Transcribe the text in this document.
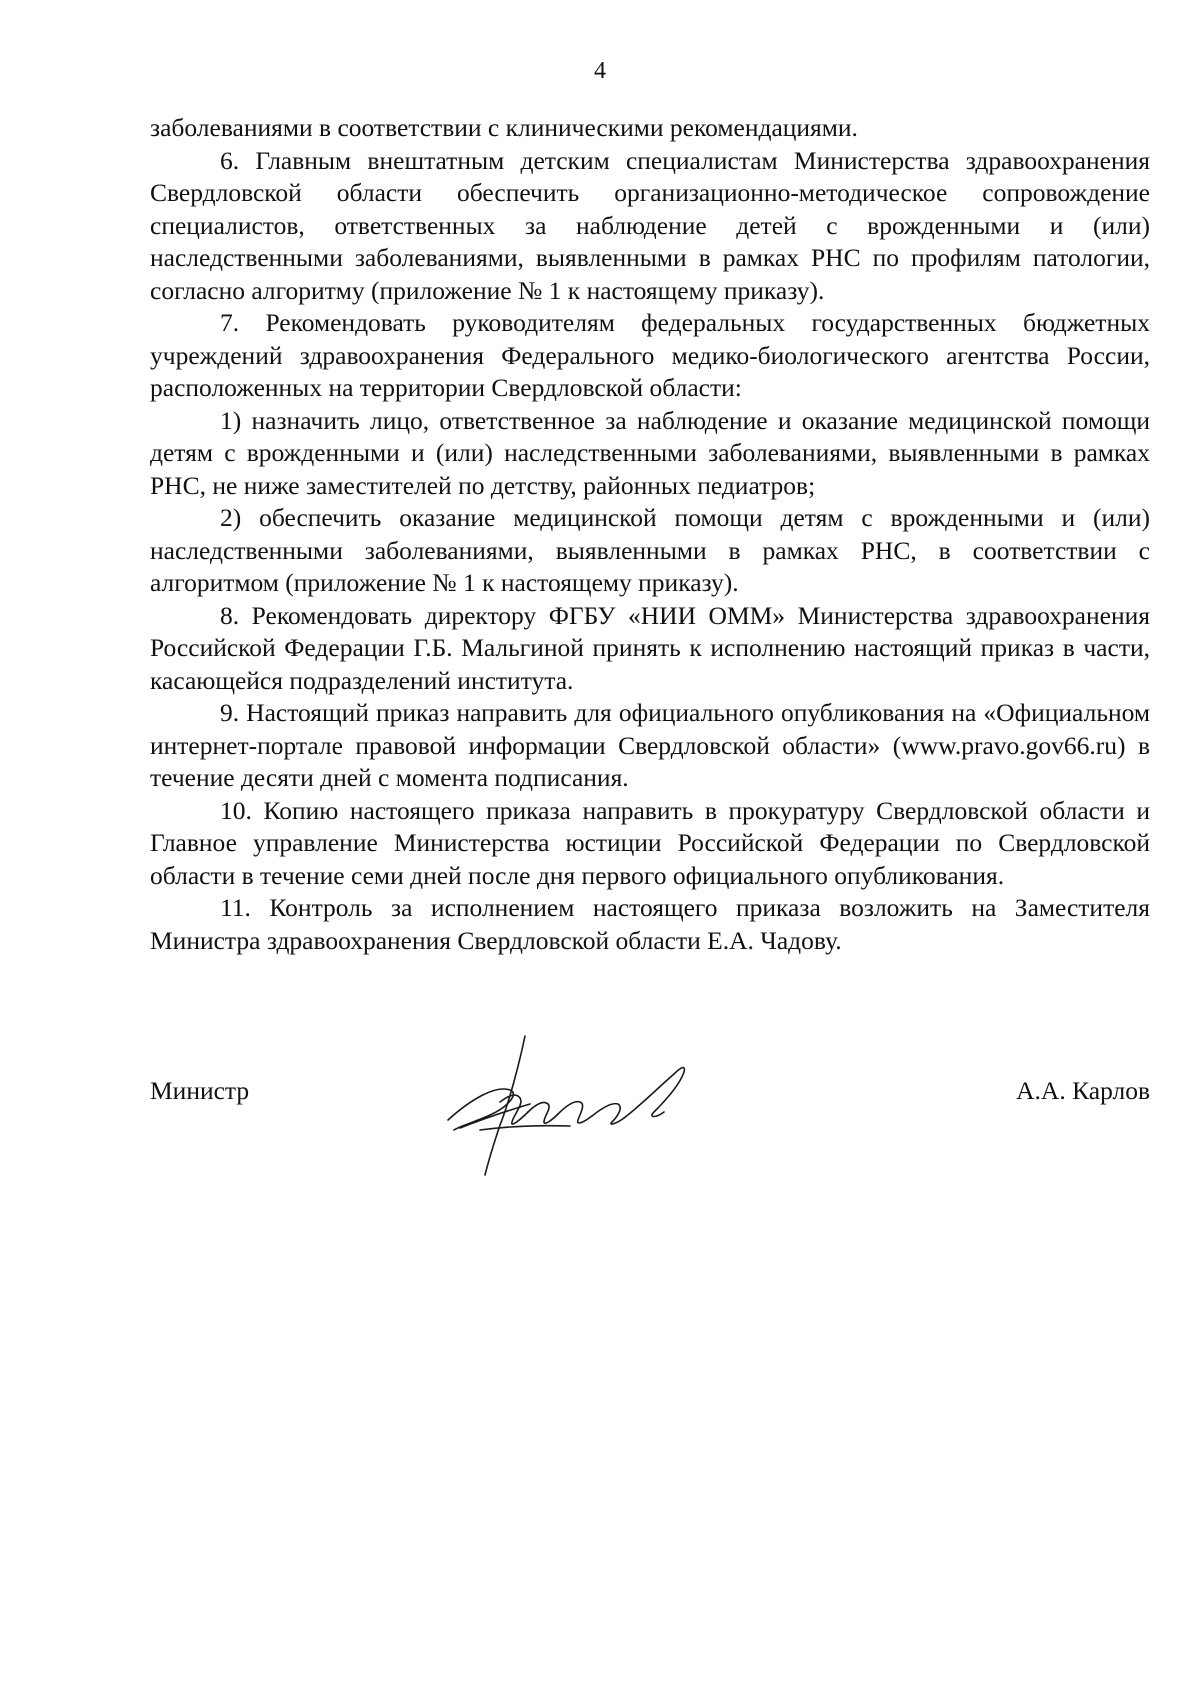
4

заболеваниями в соответствии с клиническими рекомендациями.

6. Главным внештатным детским специалистам Министерства здравоохранения Свердловской области обеспечить организационно-методическое сопровождение специалистов, ответственных за наблюдение детей с врожденными и (или) наследственными заболеваниями, выявленными в рамках РНС по профилям патологии, согласно алгоритму (приложение № 1 к настоящему приказу).

7. Рекомендовать руководителям федеральных государственных бюджетных учреждений здравоохранения Федерального медико-биологического агентства России, расположенных на территории Свердловской области:

1) назначить лицо, ответственное за наблюдение и оказание медицинской помощи детям с врожденными и (или) наследственными заболеваниями, выявленными в рамках РНС, не ниже заместителей по детству, районных педиатров;

2) обеспечить оказание медицинской помощи детям с врожденными и (или) наследственными заболеваниями, выявленными в рамках РНС, в соответствии с алгоритмом (приложение № 1 к настоящему приказу).

8. Рекомендовать директору ФГБУ «НИИ ОММ» Министерства здравоохранения Российской Федерации Г.Б. Мальгиной принять к исполнению настоящий приказ в части, касающейся подразделений института.

9. Настоящий приказ направить для официального опубликования на «Официальном интернет-портале правовой информации Свердловской области» (www.pravo.gov66.ru) в течение десяти дней с момента подписания.

10. Копию настоящего приказа направить в прокуратуру Свердловской области и Главное управление Министерства юстиции Российской Федерации по Свердловской области в течение семи дней после дня первого официального опубликования.

11. Контроль за исполнением настоящего приказа возложить на Заместителя Министра здравоохранения Свердловской области Е.А. Чадову.

Министр	А.А. Карлов
